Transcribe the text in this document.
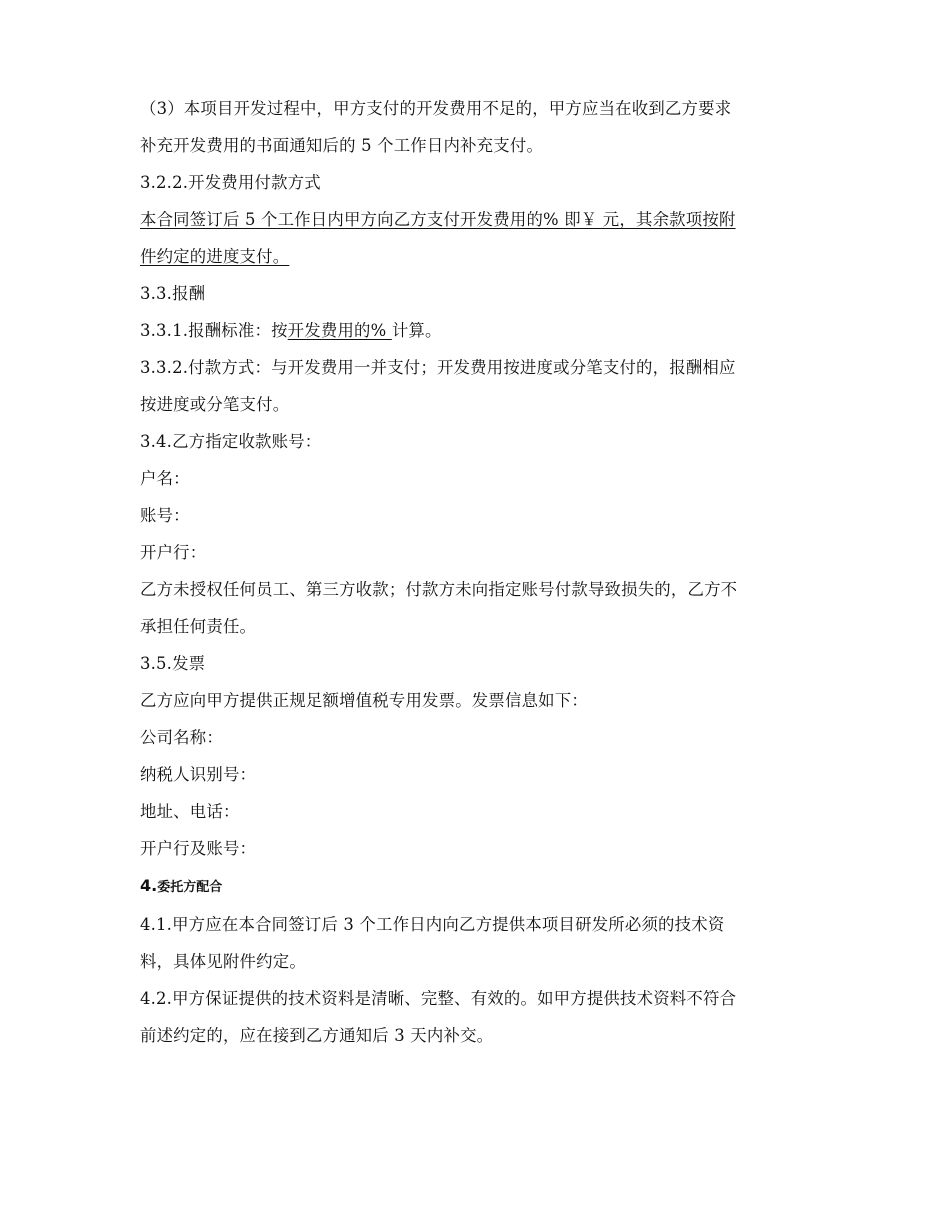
（3）本项目开发过程中，甲方支付的开发费用不足的，甲方应当在收到乙方要求
补充开发费用的书面通知后的 5 个工作日内补充支付。
3.2.2.开发费用付款方式
本合同签订后 5 个工作日内甲方向乙方支付开发费用的% 即￥ 元，其余款项按附
件约定的进度支付。
3.3.报酬
3.3.1.报酬标准：按开发费用的% 计算。
3.3.2.付款方式：与开发费用一并支付；开发费用按进度或分笔支付的，报酬相应
按进度或分笔支付。
3.4.乙方指定收款账号：
户名：
账号：
开户行：
乙方未授权任何员工、第三方收款；付款方未向指定账号付款导致损失的，乙方不
承担任何责任。
3.5.发票
乙方应向甲方提供正规足额增值税专用发票。发票信息如下：
公司名称：
纳税人识别号：
地址、电话：
开户行及账号：
4.委托方配合
4.1.甲方应在本合同签订后 3 个工作日内向乙方提供本项目研发所必须的技术资
料，具体见附件约定。
4.2.甲方保证提供的技术资料是清晰、完整、有效的。如甲方提供技术资料不符合
前述约定的，应在接到乙方通知后 3 天内补交。
